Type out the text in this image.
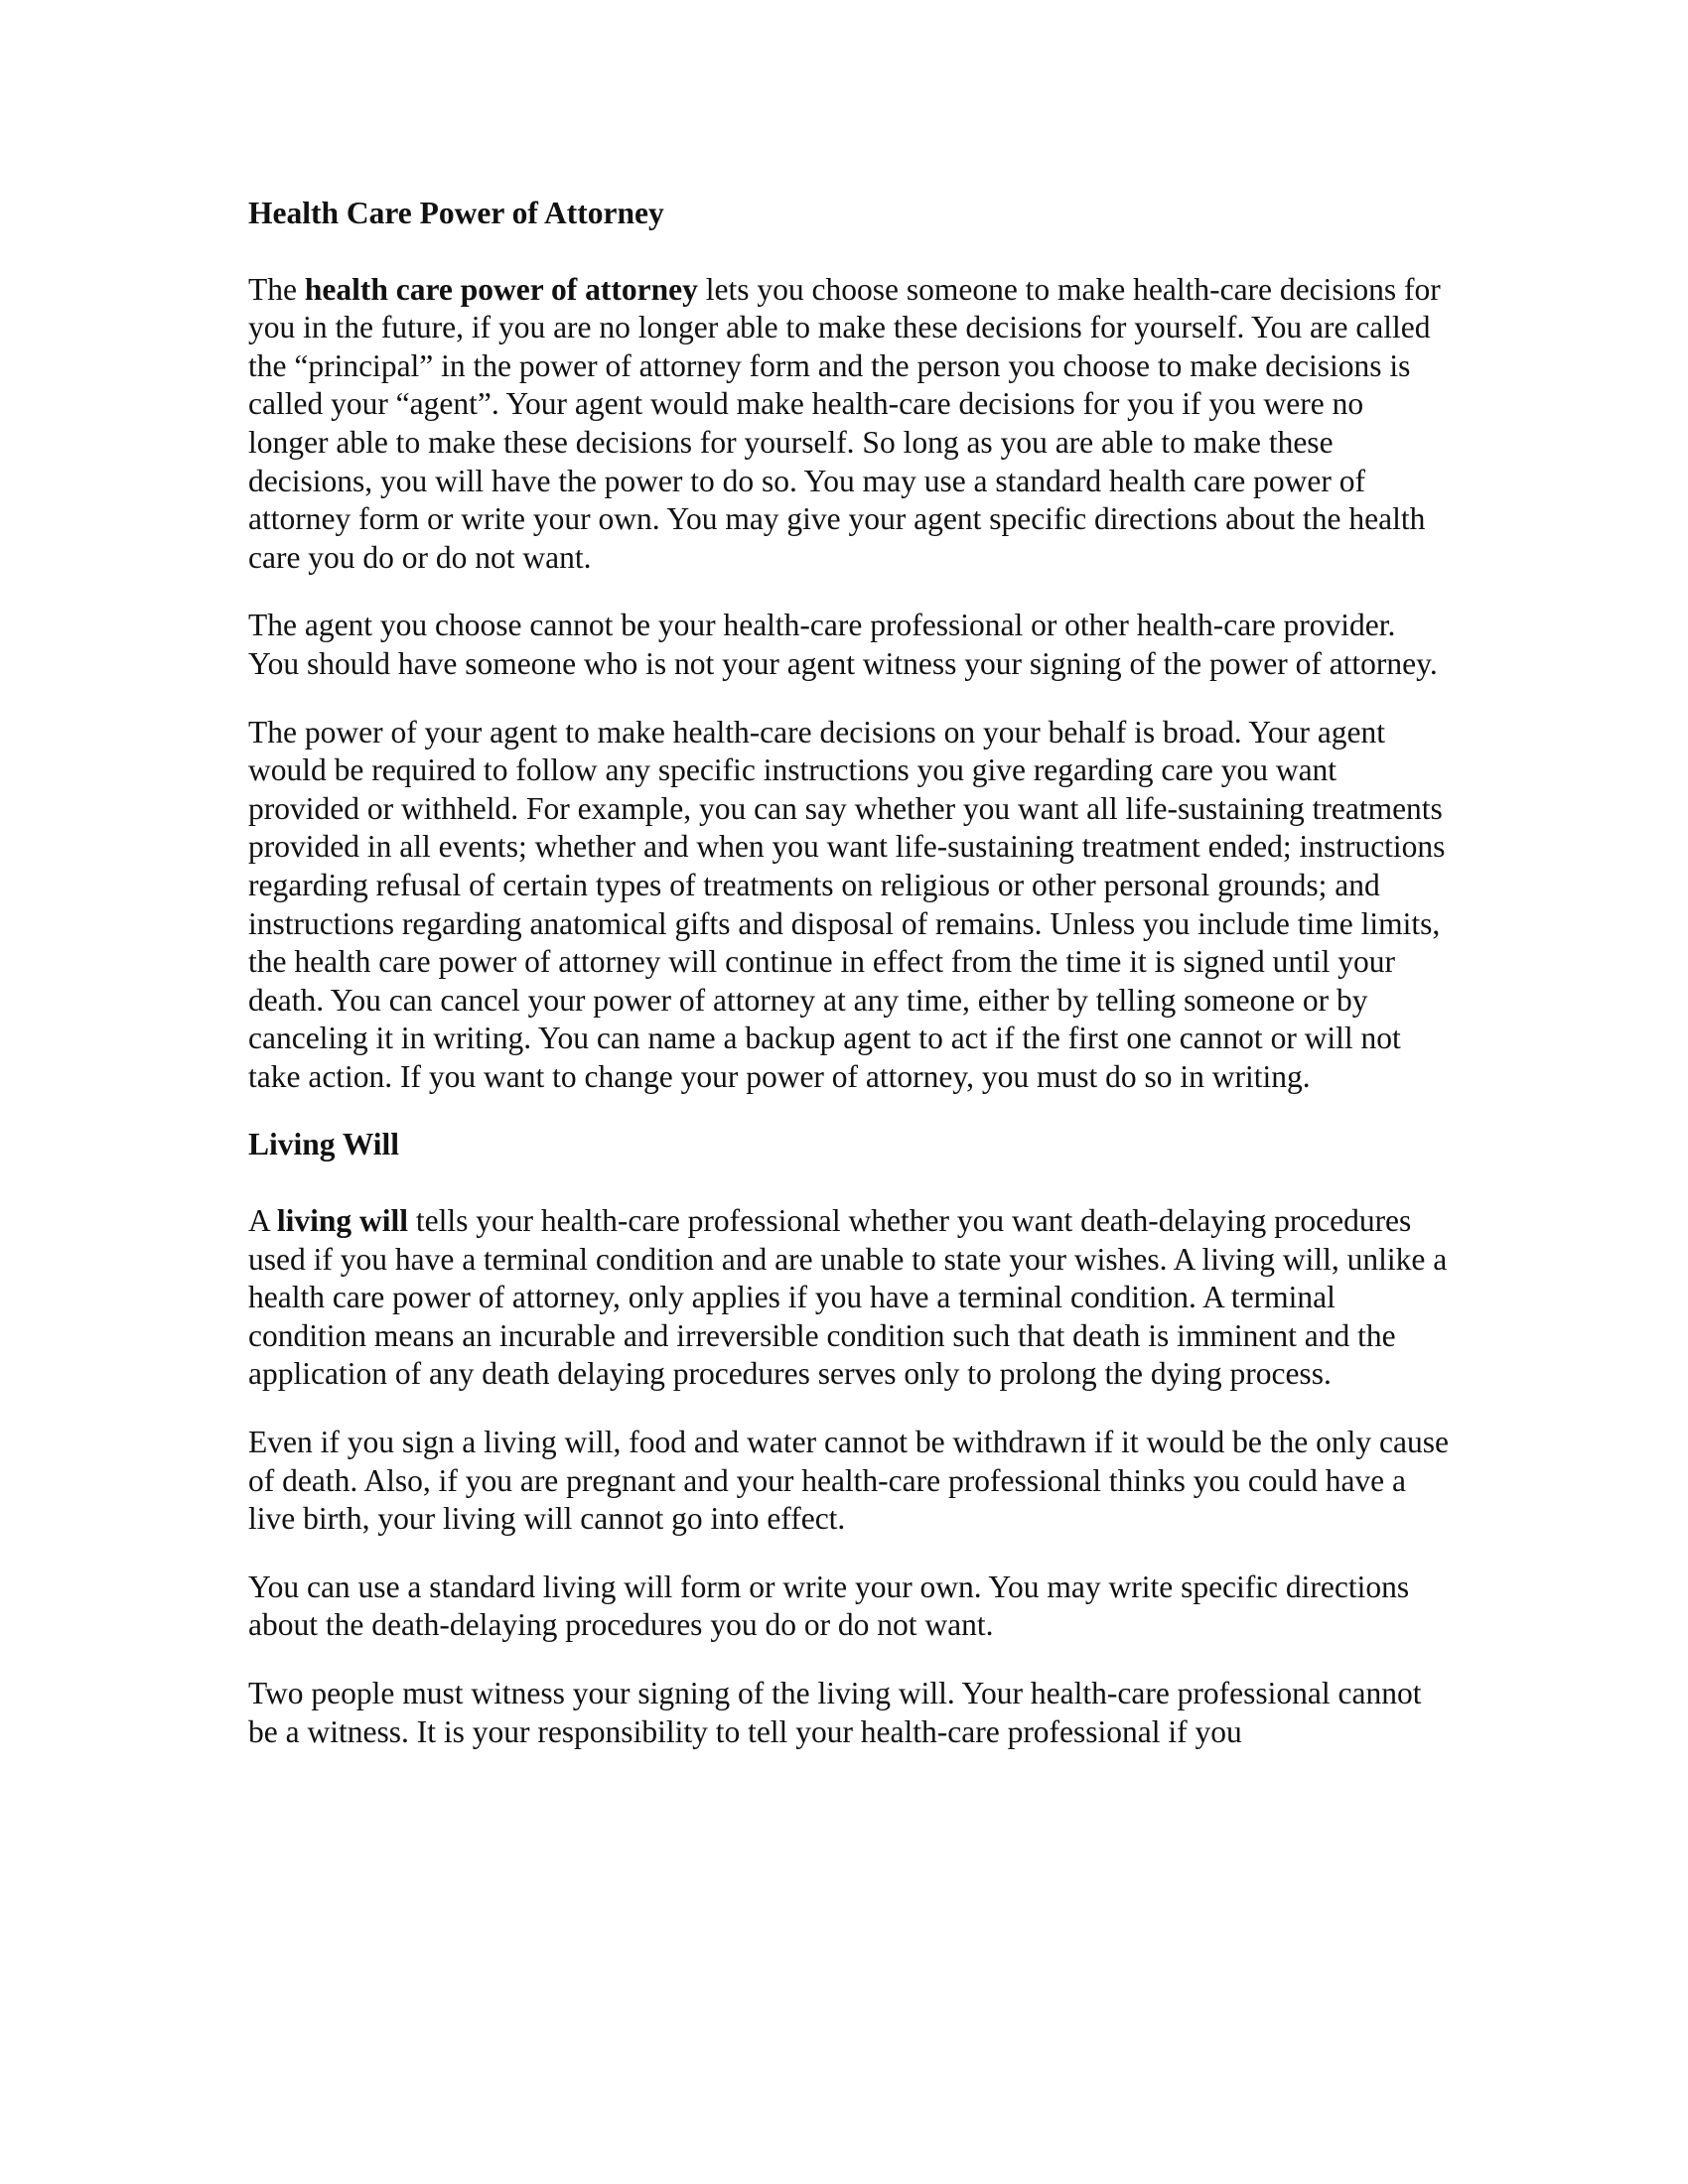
Health Care Power of Attorney

The health care power of attorney lets you choose someone to make health-care decisions for you in the future, if you are no longer able to make these decisions for yourself. You are called the “principal” in the power of attorney form and the person you choose to make decisions is called your “agent”. Your agent would make health-care decisions for you if you were no longer able to make these decisions for yourself. So long as you are able to make these decisions, you will have the power to do so. You may use a standard health care power of attorney form or write your own. You may give your agent specific directions about the health care you do or do not want.

The agent you choose cannot be your health-care professional or other health-care provider. You should have someone who is not your agent witness your signing of the power of attorney.

The power of your agent to make health-care decisions on your behalf is broad. Your agent would be required to follow any specific instructions you give regarding care you want provided or withheld. For example, you can say whether you want all life-sustaining treatments provided in all events; whether and when you want life-sustaining treatment ended; instructions regarding refusal of certain types of treatments on religious or other personal grounds; and instructions regarding anatomical gifts and disposal of remains. Unless you include time limits, the health care power of attorney will continue in effect from the time it is signed until your death. You can cancel your power of attorney at any time, either by telling someone or by canceling it in writing. You can name a backup agent to act if the first one cannot or will not take action. If you want to change your power of attorney, you must do so in writing.

Living Will

A living will tells your health-care professional whether you want death-delaying procedures used if you have a terminal condition and are unable to state your wishes. A living will, unlike a health care power of attorney, only applies if you have a terminal condition. A terminal condition means an incurable and irreversible condition such that death is imminent and the application of any death delaying procedures serves only to prolong the dying process.

Even if you sign a living will, food and water cannot be withdrawn if it would be the only cause of death. Also, if you are pregnant and your health-care professional thinks you could have a live birth, your living will cannot go into effect.

You can use a standard living will form or write your own. You may write specific directions about the death-delaying procedures you do or do not want.

Two people must witness your signing of the living will. Your health-care professional cannot be a witness. It is your responsibility to tell your health-care professional if you
